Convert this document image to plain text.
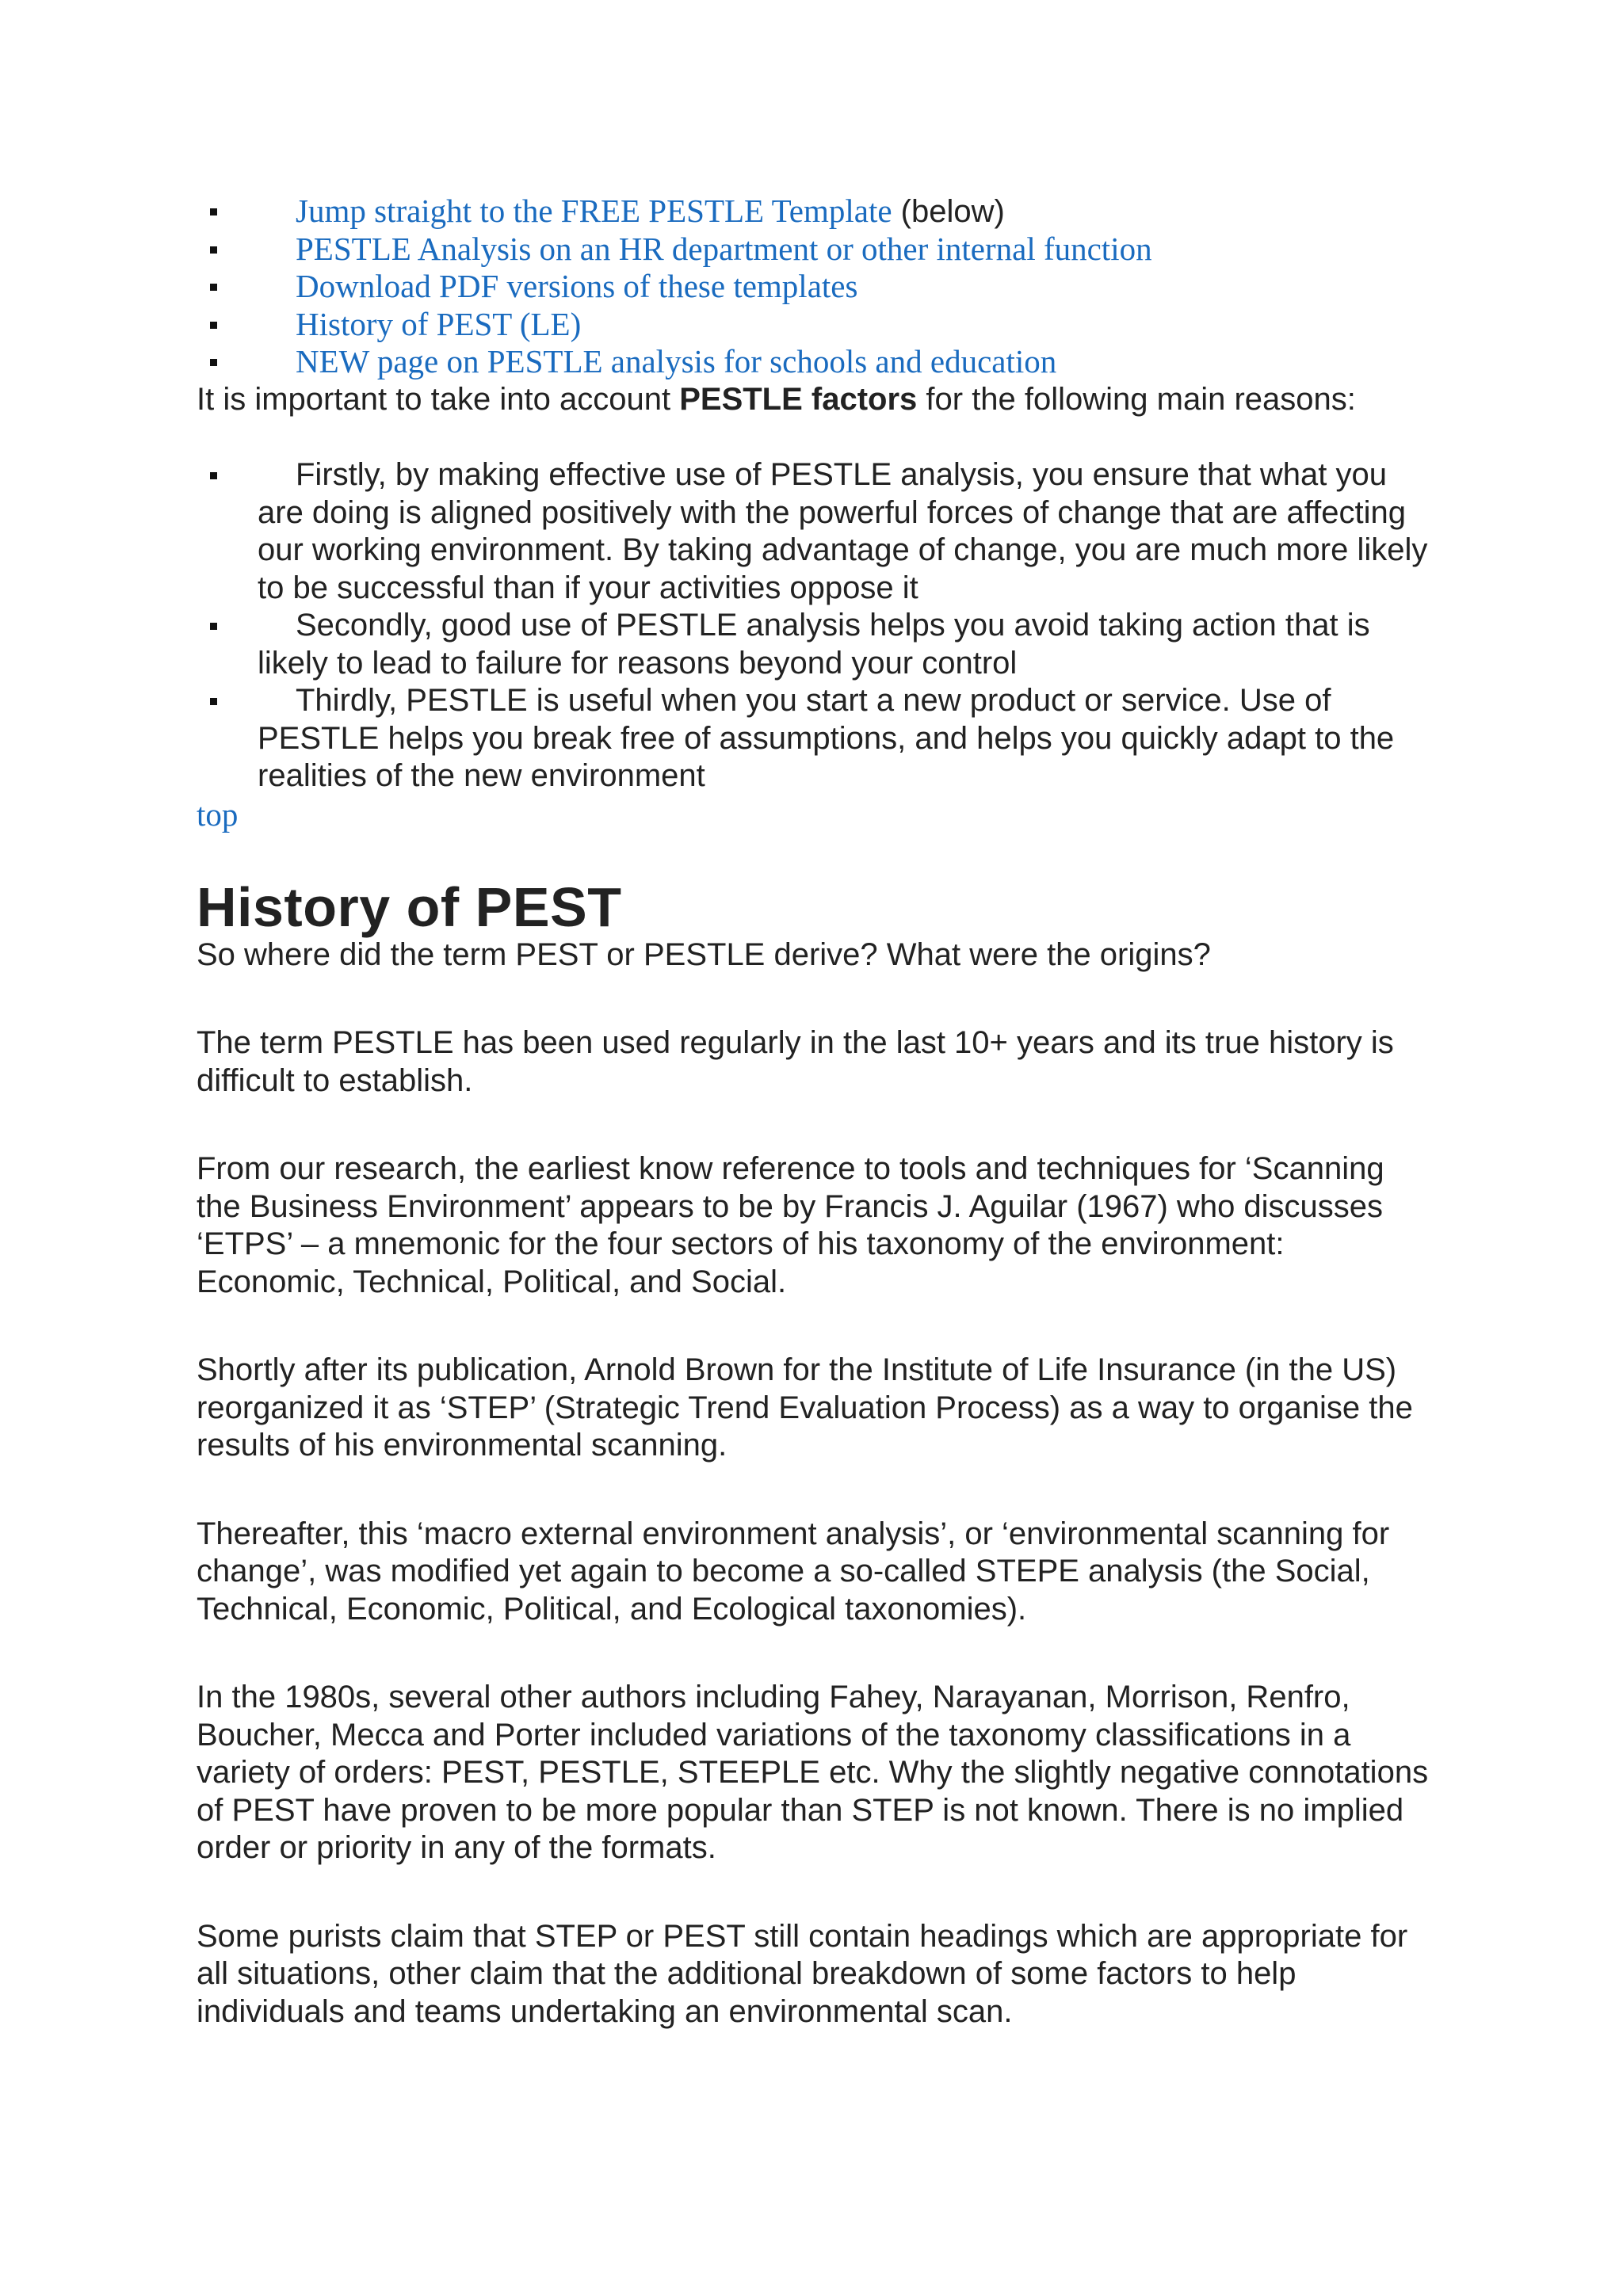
Jump straight to the FREE PESTLE Template (below)
PESTLE Analysis on an HR department or other internal function
Download PDF versions of these templates
History of PEST (LE)
NEW page on PESTLE analysis for schools and education
It is important to take into account PESTLE factors for the following main reasons:
Firstly, by making effective use of PESTLE analysis, you ensure that what you
are doing is aligned positively with the powerful forces of change that are affecting our working environment. By taking advantage of change, you are much more likely to be successful than if your activities oppose it
Secondly, good use of PESTLE analysis helps you avoid taking action that is
likely to lead to failure for reasons beyond your control
Thirdly, PESTLE is useful when you start a new product or service. Use of
PESTLE helps you break free of assumptions, and helps you quickly adapt to the realities of the new environment
top
History of PEST

So where did the term PEST or PESTLE derive? What were the origins?

The term PESTLE has been used regularly in the last 10+ years and its true history is difficult to establish.

From our research, the earliest know reference to tools and techniques for ‘Scanning the Business Environment’ appears to be by Francis J. Aguilar (1967) who discusses ‘ETPS’ – a mnemonic for the four sectors of his taxonomy of the environment: Economic, Technical, Political, and Social.

Shortly after its publication, Arnold Brown for the Institute of Life Insurance (in the US) reorganized it as ‘STEP’ (Strategic Trend Evaluation Process) as a way to organise the results of his environmental scanning.

Thereafter, this ‘macro external environment analysis’, or ‘environmental scanning for change’, was modified yet again to become a so-called STEPE analysis (the Social, Technical, Economic, Political, and Ecological taxonomies).

In the 1980s, several other authors including Fahey, Narayanan, Morrison, Renfro, Boucher, Mecca and Porter included variations of the taxonomy classifications in a variety of orders: PEST, PESTLE, STEEPLE etc. Why the slightly negative connotations of PEST have proven to be more popular than STEP is not known. There is no implied order or priority in any of the formats.

Some purists claim that STEP or PEST still contain headings which are appropriate for all situations, other claim that the additional breakdown of some factors to help individuals and teams undertaking an environmental scan.
